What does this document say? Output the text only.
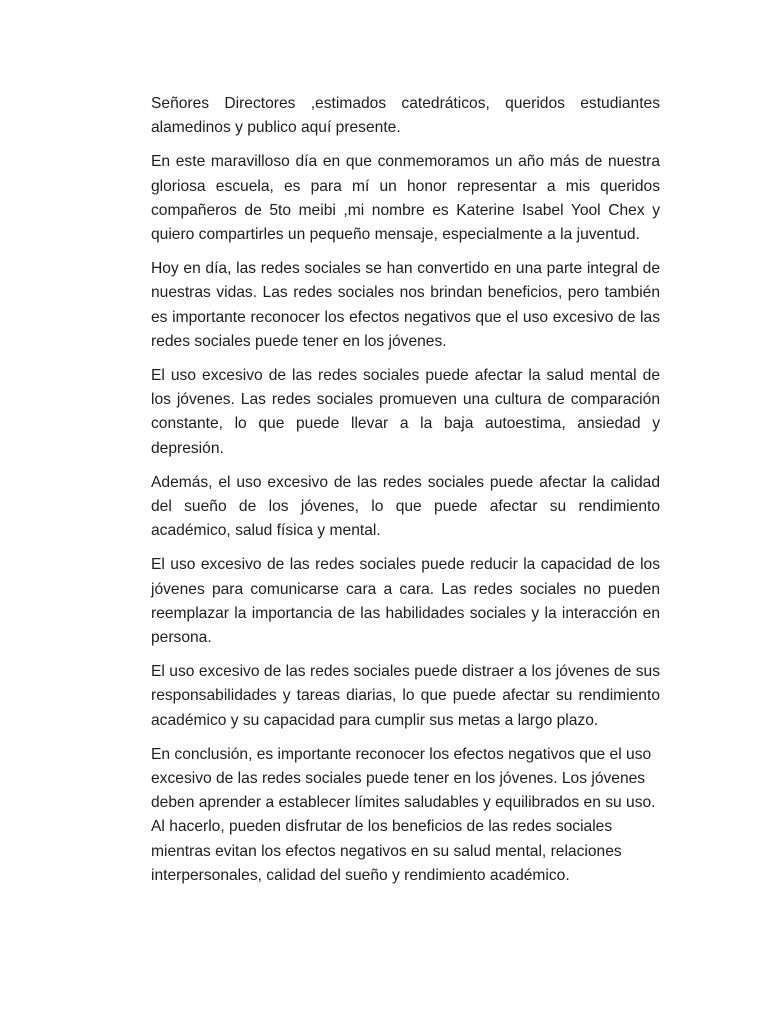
Señores Directores ,estimados catedráticos, queridos estudiantes alamedinos y publico aquí presente.

En este maravilloso día en que conmemoramos un año más de nuestra gloriosa escuela, es para mí un honor representar a mis queridos compañeros de 5to meibi ,mi nombre es Katerine Isabel Yool Chex y quiero compartirles un pequeño mensaje, especialmente a la juventud.

Hoy en día, las redes sociales se han convertido en una parte integral de nuestras vidas. Las redes sociales nos brindan beneficios, pero también es importante reconocer los efectos negativos que el uso excesivo de las redes sociales puede tener en los jóvenes.

El uso excesivo de las redes sociales puede afectar la salud mental de los jóvenes. Las redes sociales promueven una cultura de comparación constante, lo que puede llevar a la baja autoestima, ansiedad y depresión.

Además, el uso excesivo de las redes sociales puede afectar la calidad del sueño de los jóvenes, lo que puede afectar su rendimiento académico, salud física y mental.

El uso excesivo de las redes sociales puede reducir la capacidad de los jóvenes para comunicarse cara a cara. Las redes sociales no pueden reemplazar la importancia de las habilidades sociales y la interacción en persona.

El uso excesivo de las redes sociales puede distraer a los jóvenes de sus responsabilidades y tareas diarias, lo que puede afectar su rendimiento académico y su capacidad para cumplir sus metas a largo plazo.

En conclusión, es importante reconocer los efectos negativos que el uso excesivo de las redes sociales puede tener en los jóvenes. Los jóvenes deben aprender a establecer límites saludables y equilibrados en su uso. Al hacerlo, pueden disfrutar de los beneficios de las redes sociales mientras evitan los efectos negativos en su salud mental, relaciones interpersonales, calidad del sueño y rendimiento académico.
